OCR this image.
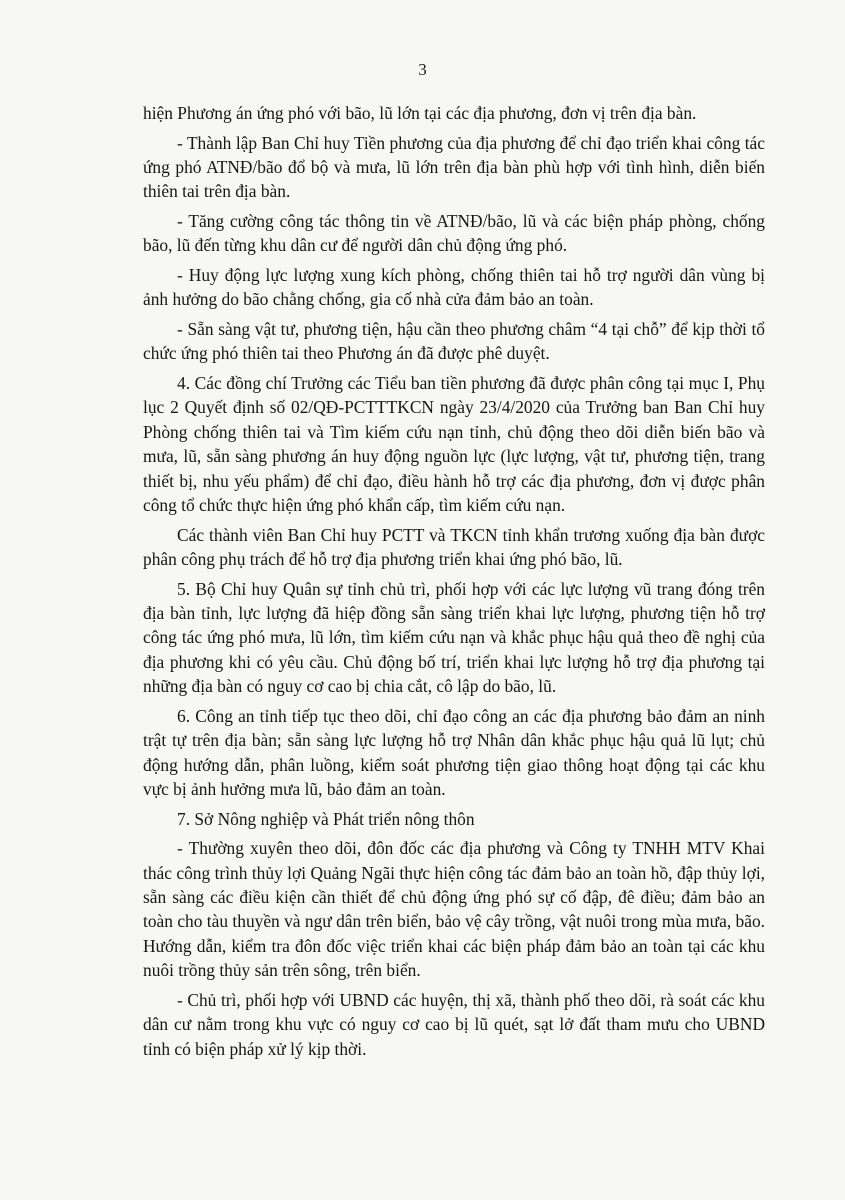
3

hiện Phương án ứng phó với bão, lũ lớn tại các địa phương, đơn vị trên địa bàn.

- Thành lập Ban Chỉ huy Tiền phương của địa phương để chỉ đạo triển khai công tác ứng phó ATNĐ/bão đổ bộ và mưa, lũ lớn trên địa bàn phù hợp với tình hình, diễn biến thiên tai trên địa bàn.

- Tăng cường công tác thông tin về ATNĐ/bão, lũ và các biện pháp phòng, chống bão, lũ đến từng khu dân cư để người dân chủ động ứng phó.

- Huy động lực lượng xung kích phòng, chống thiên tai hỗ trợ người dân vùng bị ảnh hưởng do bão chằng chống, gia cố nhà cửa đảm bảo an toàn.

- Sẵn sàng vật tư, phương tiện, hậu cần theo phương châm “4 tại chỗ” để kịp thời tổ chức ứng phó thiên tai theo Phương án đã được phê duyệt.

4. Các đồng chí Trưởng các Tiểu ban tiền phương đã được phân công tại mục I, Phụ lục 2 Quyết định số 02/QĐ-PCTTTKCN ngày 23/4/2020 của Trưởng ban Ban Chỉ huy Phòng chống thiên tai và Tìm kiếm cứu nạn tỉnh, chủ động theo dõi diễn biến bão và mưa, lũ, sẵn sàng phương án huy động nguồn lực (lực lượng, vật tư, phương tiện, trang thiết bị, nhu yếu phẩm) để chỉ đạo, điều hành hỗ trợ các địa phương, đơn vị được phân công tổ chức thực hiện ứng phó khẩn cấp, tìm kiếm cứu nạn.

Các thành viên Ban Chỉ huy PCTT và TKCN tỉnh khẩn trương xuống địa bàn được phân công phụ trách để hỗ trợ địa phương triển khai ứng phó bão, lũ.

5. Bộ Chỉ huy Quân sự tỉnh chủ trì, phối hợp với các lực lượng vũ trang đóng trên địa bàn tỉnh, lực lượng đã hiệp đồng sẵn sàng triển khai lực lượng, phương tiện hỗ trợ công tác ứng phó mưa, lũ lớn, tìm kiếm cứu nạn và khắc phục hậu quả theo đề nghị của địa phương khi có yêu cầu. Chủ động bố trí, triển khai lực lượng hỗ trợ địa phương tại những địa bàn có nguy cơ cao bị chia cắt, cô lập do bão, lũ.

6. Công an tỉnh tiếp tục theo dõi, chỉ đạo công an các địa phương bảo đảm an ninh trật tự trên địa bàn; sẵn sàng lực lượng hỗ trợ Nhân dân khắc phục hậu quả lũ lụt; chủ động hướng dẫn, phân luồng, kiểm soát phương tiện giao thông hoạt động tại các khu vực bị ảnh hưởng mưa lũ, bảo đảm an toàn.

7. Sở Nông nghiệp và Phát triển nông thôn

- Thường xuyên theo dõi, đôn đốc các địa phương và Công ty TNHH MTV Khai thác công trình thủy lợi Quảng Ngãi thực hiện công tác đảm bảo an toàn hồ, đập thủy lợi, sẵn sàng các điều kiện cần thiết để chủ động ứng phó sự cố đập, đê điều; đảm bảo an toàn cho tàu thuyền và ngư dân trên biển, bảo vệ cây trồng, vật nuôi trong mùa mưa, bão. Hướng dẫn, kiểm tra đôn đốc việc triển khai các biện pháp đảm bảo an toàn tại các khu nuôi trồng thủy sản trên sông, trên biển.

- Chủ trì, phối hợp với UBND các huyện, thị xã, thành phố theo dõi, rà soát các khu dân cư nằm trong khu vực có nguy cơ cao bị lũ quét, sạt lở đất tham mưu cho UBND tỉnh có biện pháp xử lý kịp thời.
